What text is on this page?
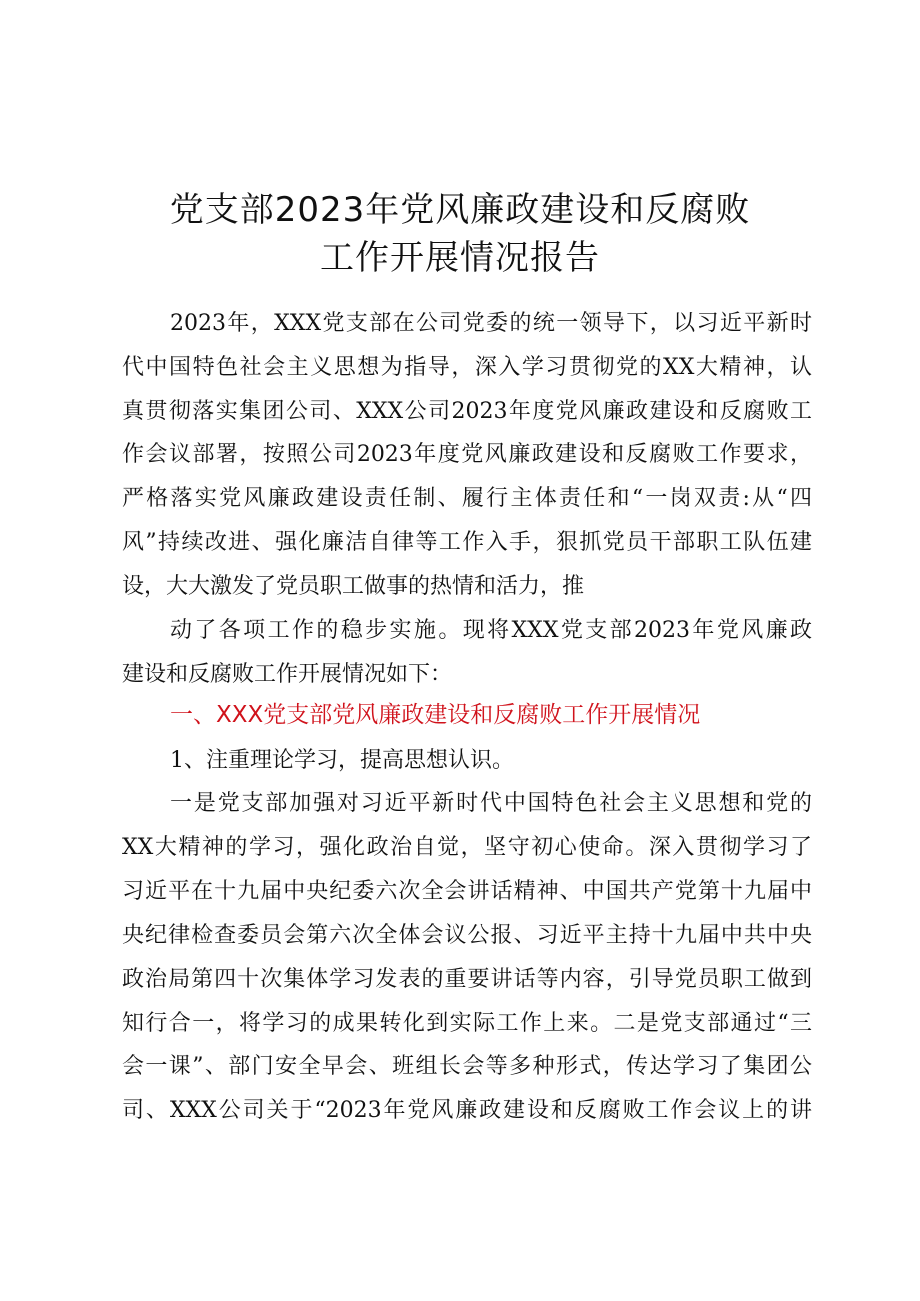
党支部2023年党风廉政建设和反腐败
工作开展情况报告
2023年，XXX党支部在公司党委的统一领导下，以习近平新时
代中国特色社会主义思想为指导，深入学习贯彻党的XX大精神，认
真贯彻落实集团公司、XXX公司2023年度党风廉政建设和反腐败工
作会议部署，按照公司2023年度党风廉政建设和反腐败工作要求，
严格落实党风廉政建设责任制、履行主体责任和“一岗双责:从“四
风”持续改进、强化廉洁自律等工作入手，狠抓党员干部职工队伍建
设，大大激发了党员职工做事的热情和活力，推
动了各项工作的稳步实施。现将XXX党支部2023年党风廉政
建设和反腐败工作开展情况如下：
一、XXX党支部党风廉政建设和反腐败工作开展情况
1、注重理论学习，提高思想认识。
一是党支部加强对习近平新时代中国特色社会主义思想和党的
XX大精神的学习，强化政治自觉，坚守初心使命。深入贯彻学习了
习近平在十九届中央纪委六次全会讲话精神、中国共产党第十九届中
央纪律检查委员会第六次全体会议公报、习近平主持十九届中共中央
政治局第四十次集体学习发表的重要讲话等内容，引导党员职工做到
知行合一，将学习的成果转化到实际工作上来。二是党支部通过“三
会一课”、部门安全早会、班组长会等多种形式，传达学习了集团公
司、XXX公司关于“2023年党风廉政建设和反腐败工作会议上的讲
